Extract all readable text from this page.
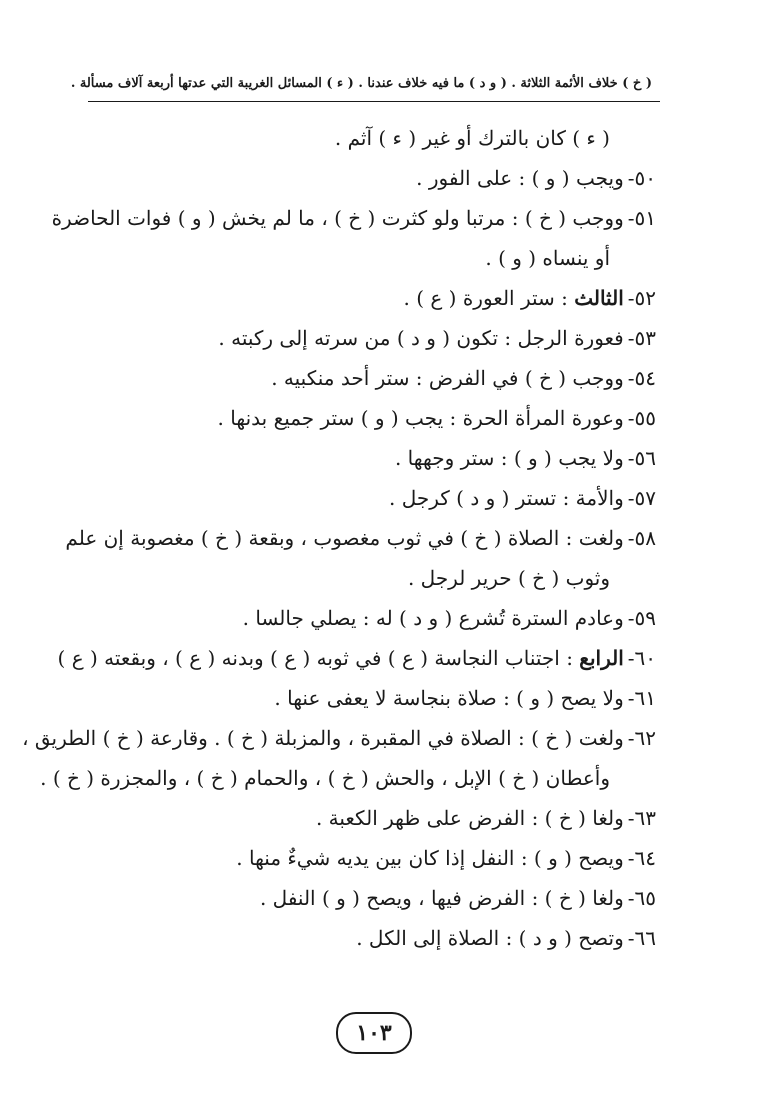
( خ ) خلاف الأئمة الثلاثة . ( و د ) ما فيه خلاف عندنا . ( ء ) المسائل الغريبة التي عدتها أربعة آلاف مسألة .
( ء ) كان بالترك أو غير ( ء ) آثم .
٥٠-ويجب ( و ) : على الفور .
٥١-ووجب ( خ ) : مرتبا ولو كثرت ( خ ) ، ما لم يخش ( و ) فوات الحاضرة
أو ينساه ( و ) .
٥٢-الثالث : ستر العورة ( ع ) .
٥٣-فعورة الرجل : تكون ( و د ) من سرته إلى ركبته .
٥٤-ووجب ( خ ) في الفرض : ستر أحد منكبيه .
٥٥-وعورة المرأة الحرة : يجب ( و ) ستر جميع بدنها .
٥٦-ولا يجب ( و ) : ستر وجهها .
٥٧-والأمة : تستر ( و د ) كرجل .
٥٨-ولغت : الصلاة ( خ ) في ثوب مغصوب ، وبقعة ( خ ) مغصوبة إن علم
وثوب ( خ ) حرير لرجل .
٥٩-وعادم السترة تُشرع ( و د ) له : يصلي جالسا .
٦٠-الرابع : اجتناب النجاسة ( ع ) في ثوبه ( ع ) وبدنه ( ع ) ، وبقعته ( ع )
٦١-ولا يصح ( و ) : صلاة بنجاسة لا يعفى عنها .
٦٢-ولغت ( خ ) : الصلاة في المقبرة ، والمزبلة ( خ ) . وقارعة ( خ ) الطريق ،
وأعطان ( خ ) الإبل ، والحش ( خ ) ، والحمام ( خ ) ، والمجزرة ( خ ) .
٦٣-ولغا ( خ ) : الفرض على ظهر الكعبة .
٦٤-ويصح ( و ) : النفل إذا كان بين يديه شيءٌ منها .
٦٥-ولغا ( خ ) : الفرض فيها ، ويصح ( و ) النفل .
٦٦-وتصح ( و د ) : الصلاة إلى الكل .
١٠٣
